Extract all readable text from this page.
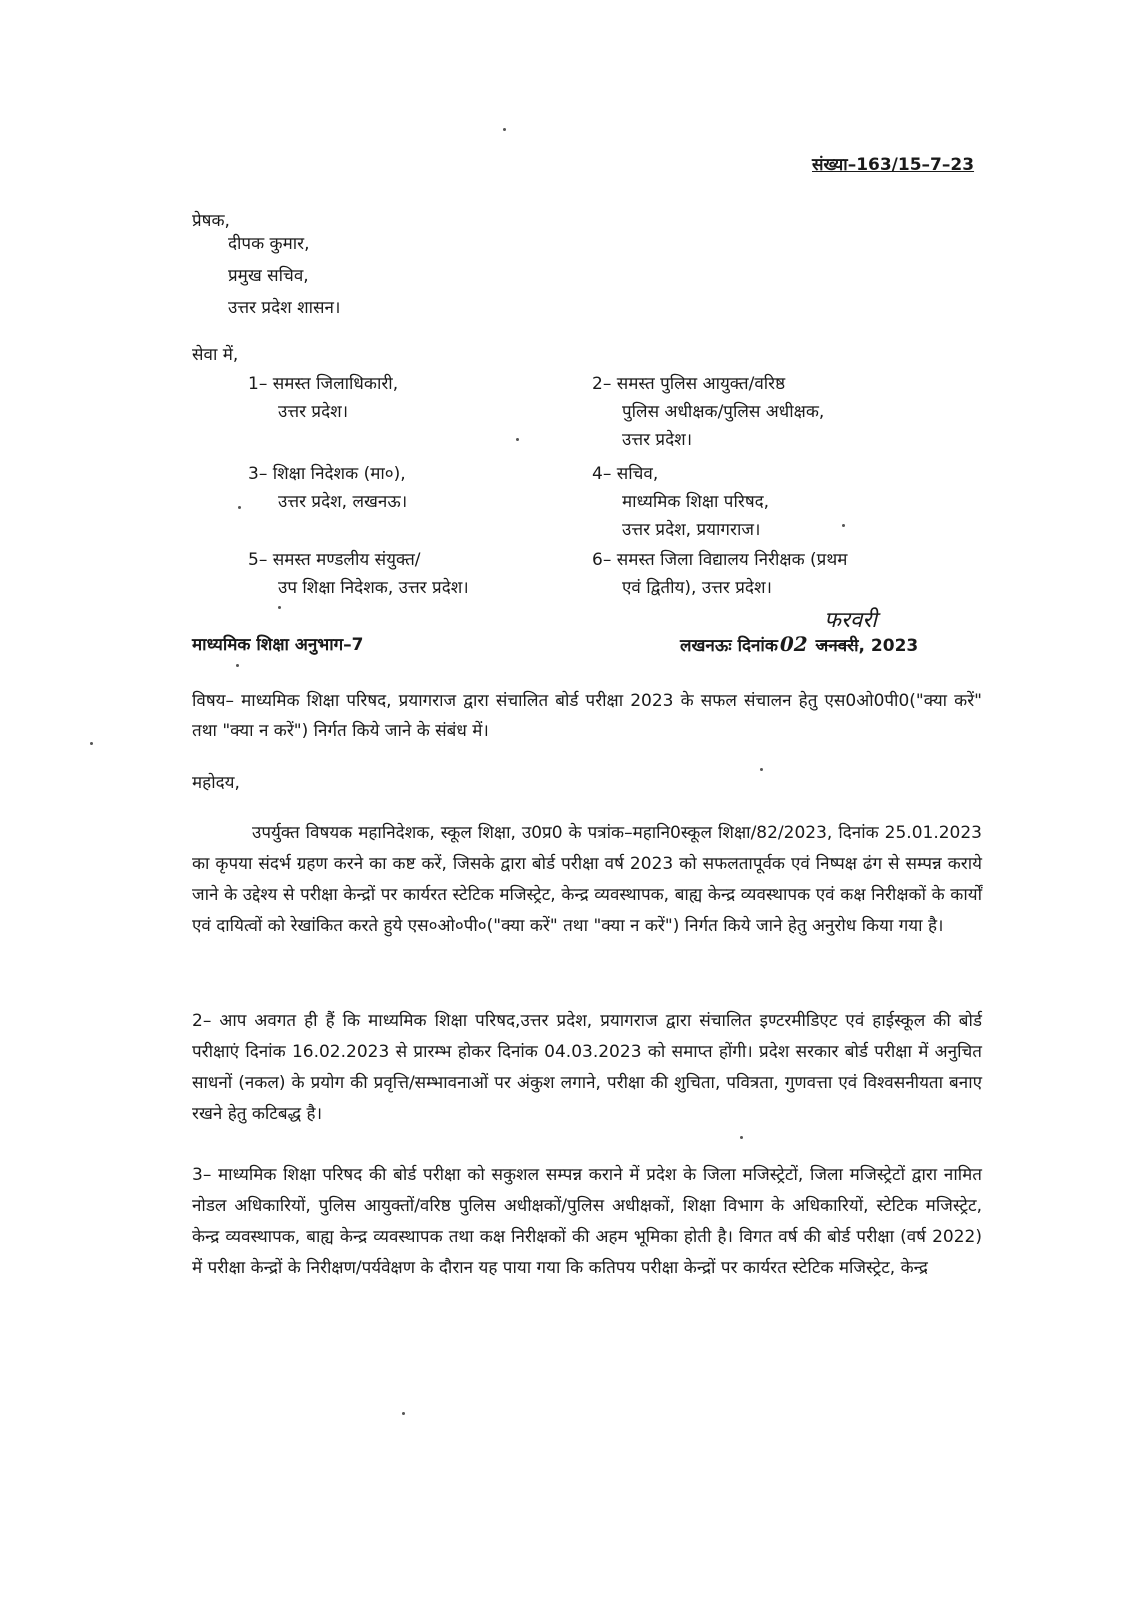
संख्या–163/15–7–23
प्रेषक,
दीपक कुमार,
प्रमुख सचिव,
उत्तर प्रदेश शासन।
सेवा में,
1– समस्त जिलाधिकारी,
उत्तर प्रदेश।
2– समस्त पुलिस आयुक्त/वरिष्ठ
पुलिस अधीक्षक/पुलिस अधीक्षक,
उत्तर प्रदेश।
3– शिक्षा निदेशक (मा०),
उत्तर प्रदेश, लखनऊ।
4– सचिव,
माध्यमिक शिक्षा परिषद,
उत्तर प्रदेश, प्रयागराज।
5– समस्त मण्डलीय संयुक्त/
उप शिक्षा निदेशक, उत्तर प्रदेश।
6– समस्त जिला विद्यालय निरीक्षक (प्रथम
एवं द्वितीय), उत्तर प्रदेश।
माध्यमिक शिक्षा अनुभाग–7
फरवरी
लखनऊः दिनांक 02 जनवरी, 2023
विषय– माध्यमिक शिक्षा परिषद, प्रयागराज द्वारा संचालित बोर्ड परीक्षा 2023 के सफल संचालन हेतु एस0ओ0पी0("क्या करें" तथा "क्या न करें") निर्गत किये जाने के संबंध में।
महोदय,
उपर्युक्त विषयक महानिदेशक, स्कूल शिक्षा, उ0प्र0 के पत्रांक–महानि0स्कूल शिक्षा/82/2023, दिनांक 25.01.2023 का कृपया संदर्भ ग्रहण करने का कष्ट करें, जिसके द्वारा बोर्ड परीक्षा वर्ष 2023 को सफलतापूर्वक एवं निष्पक्ष ढंग से सम्पन्न कराये जाने के उद्देश्य से परीक्षा केन्द्रों पर कार्यरत स्टेटिक मजिस्ट्रेट, केन्द्र व्यवस्थापक, बाह्य केन्द्र व्यवस्थापक एवं कक्ष निरीक्षकों के कार्यों एवं दायित्वों को रेखांकित करते हुये एस०ओ०पी०("क्या करें" तथा "क्या न करें") निर्गत किये जाने हेतु अनुरोध किया गया है।
2– आप अवगत ही हैं कि माध्यमिक शिक्षा परिषद,उत्तर प्रदेश, प्रयागराज द्वारा संचालित इण्टरमीडिएट एवं हाईस्कूल की बोर्ड परीक्षाएं दिनांक 16.02.2023 से प्रारम्भ होकर दिनांक 04.03.2023 को समाप्त होंगी। प्रदेश सरकार बोर्ड परीक्षा में अनुचित साधनों (नकल) के प्रयोग की प्रवृत्ति/सम्भावनाओं पर अंकुश लगाने, परीक्षा की शुचिता, पवित्रता, गुणवत्ता एवं विश्वसनीयता बनाए रखने हेतु कटिबद्ध है।
3– माध्यमिक शिक्षा परिषद की बोर्ड परीक्षा को सकुशल सम्पन्न कराने में प्रदेश के जिला मजिस्ट्रेटों, जिला मजिस्ट्रेटों द्वारा नामित नोडल अधिकारियों, पुलिस आयुक्तों/वरिष्ठ पुलिस अधीक्षकों/पुलिस अधीक्षकों, शिक्षा विभाग के अधिकारियों, स्टेटिक मजिस्ट्रेट, केन्द्र व्यवस्थापक, बाह्य केन्द्र व्यवस्थापक तथा कक्ष निरीक्षकों की अहम भूमिका होती है। विगत वर्ष की बोर्ड परीक्षा (वर्ष 2022) में परीक्षा केन्द्रों के निरीक्षण/पर्यवेक्षण के दौरान यह पाया गया कि कतिपय परीक्षा केन्द्रों पर कार्यरत स्टेटिक मजिस्ट्रेट, केन्द्र
